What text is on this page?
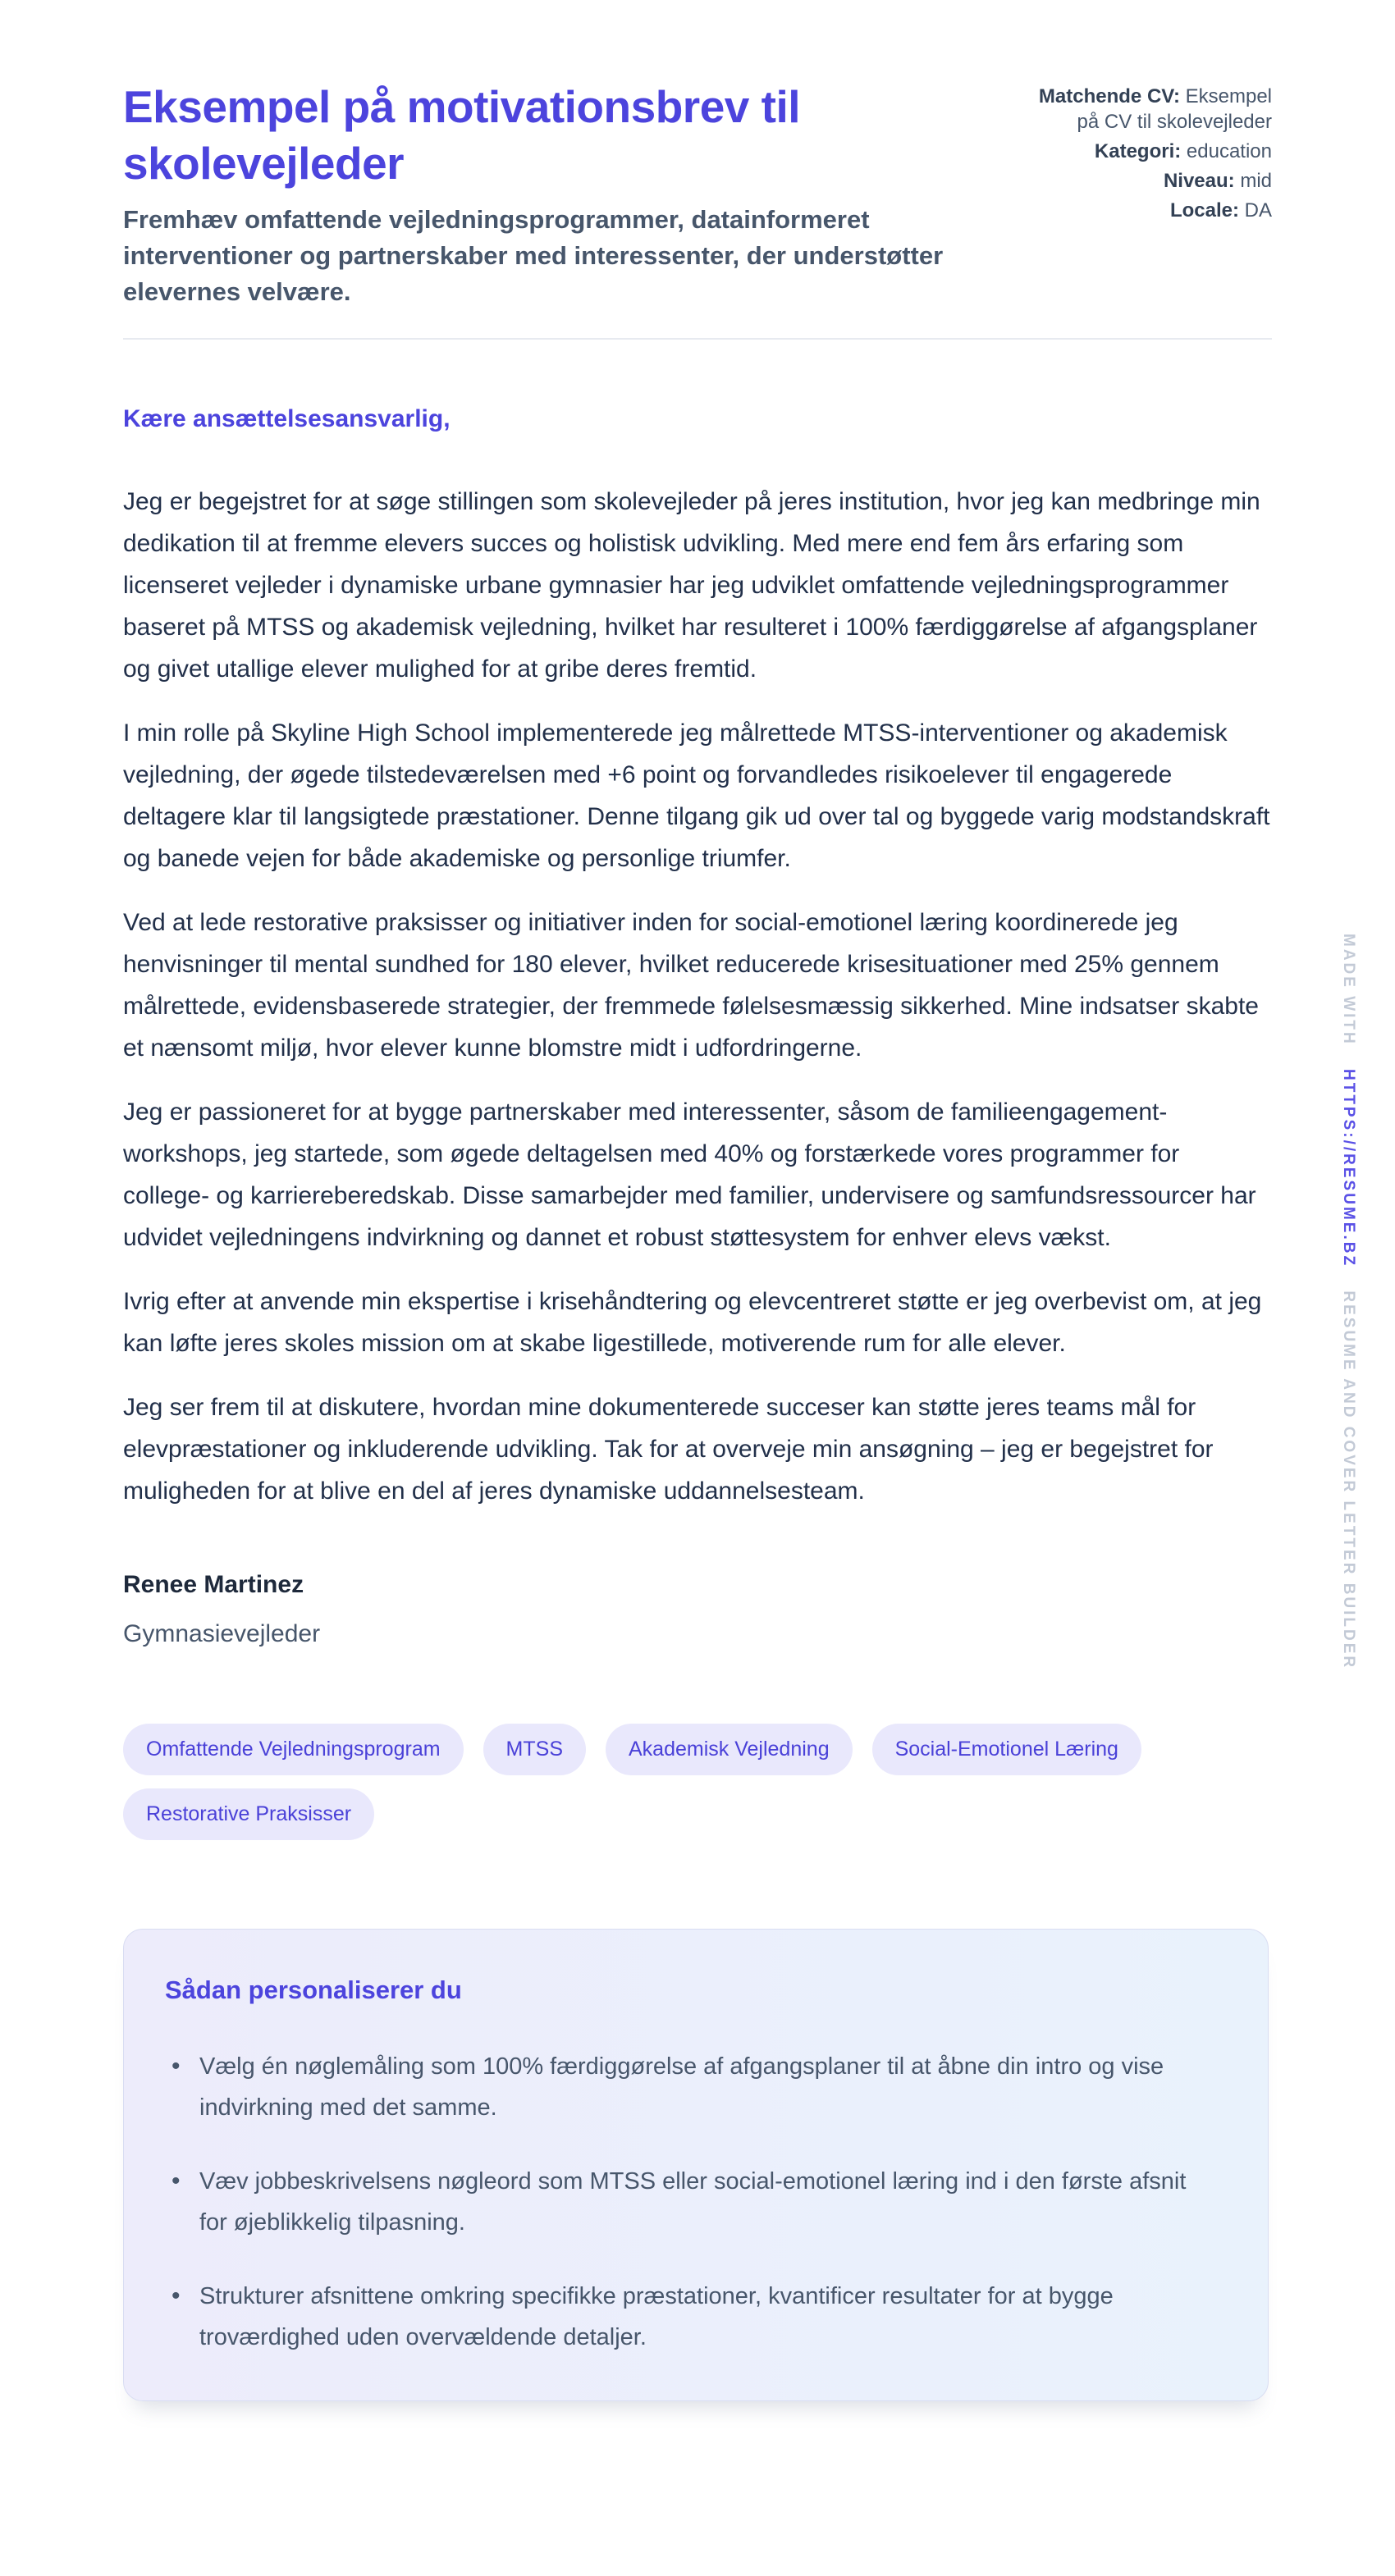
Eksempel på motivationsbrev til skolevejleder
Fremhæv omfattende vejledningsprogrammer, datainformeret interventioner og partnerskaber med interessenter, der understøtter elevernes velvære.
Matchende CV: Eksempel på CV til skolevejleder
Kategori: education
Niveau: mid
Locale: DA
Kære ansættelsesansvarlig,

Jeg er begejstret for at søge stillingen som skolevejleder på jeres institution, hvor jeg kan medbringe min dedikation til at fremme elevers succes og holistisk udvikling. Med mere end fem års erfaring som licenseret vejleder i dynamiske urbane gymnasier har jeg udviklet omfattende vejledningsprogrammer baseret på MTSS og akademisk vejledning, hvilket har resulteret i 100% færdiggørelse af afgangsplaner og givet utallige elever mulighed for at gribe deres fremtid.

I min rolle på Skyline High School implementerede jeg målrettede MTSS-interventioner og akademisk vejledning, der øgede tilstedeværelsen med +6 point og forvandledes risikoelever til engagerede deltagere klar til langsigtede præstationer. Denne tilgang gik ud over tal og byggede varig modstandskraft og banede vejen for både akademiske og personlige triumfer.

Ved at lede restorative praksisser og initiativer inden for social-emotionel læring koordinerede jeg henvisninger til mental sundhed for 180 elever, hvilket reducerede krisesituationer med 25% gennem målrettede, evidensbaserede strategier, der fremmede følelsesmæssig sikkerhed. Mine indsatser skabte et nænsomt miljø, hvor elever kunne blomstre midt i udfordringerne.

Jeg er passioneret for at bygge partnerskaber med interessenter, såsom de familieengagement-workshops, jeg startede, som øgede deltagelsen med 40% og forstærkede vores programmer for college- og karriereberedskab. Disse samarbejder med familier, undervisere og samfundsressourcer har udvidet vejledningens indvirkning og dannet et robust støttesystem for enhver elevs vækst.

Ivrig efter at anvende min ekspertise i krisehåndtering og elevcentreret støtte er jeg overbevist om, at jeg kan løfte jeres skoles mission om at skabe ligestillede, motiverende rum for alle elever.

Jeg ser frem til at diskutere, hvordan mine dokumenterede succeser kan støtte jeres teams mål for elevpræstationer og inkluderende udvikling. Tak for at overveje min ansøgning – jeg er begejstret for muligheden for at blive en del af jeres dynamiske uddannelsesteam.

Renee Martinez
Gymnasievejleder
Omfattende Vejledningsprogram	MTSS	Akademisk Vejledning	Social-Emotionel Læring
Restorative Praksisser
Sådan personaliserer du
• Vælg én nøglemåling som 100% færdiggørelse af afgangsplaner til at åbne din intro og vise indvirkning med det samme.
• Væv jobbeskrivelsens nøgleord som MTSS eller social-emotionel læring ind i den første afsnit for øjeblikkelig tilpasning.
• Strukturer afsnittene omkring specifikke præstationer, kvantificer resultater for at bygge troværdighed uden overvældende detaljer.
MADE WITH HTTPS://RESUME.BZ RESUME AND COVER LETTER BUILDER
